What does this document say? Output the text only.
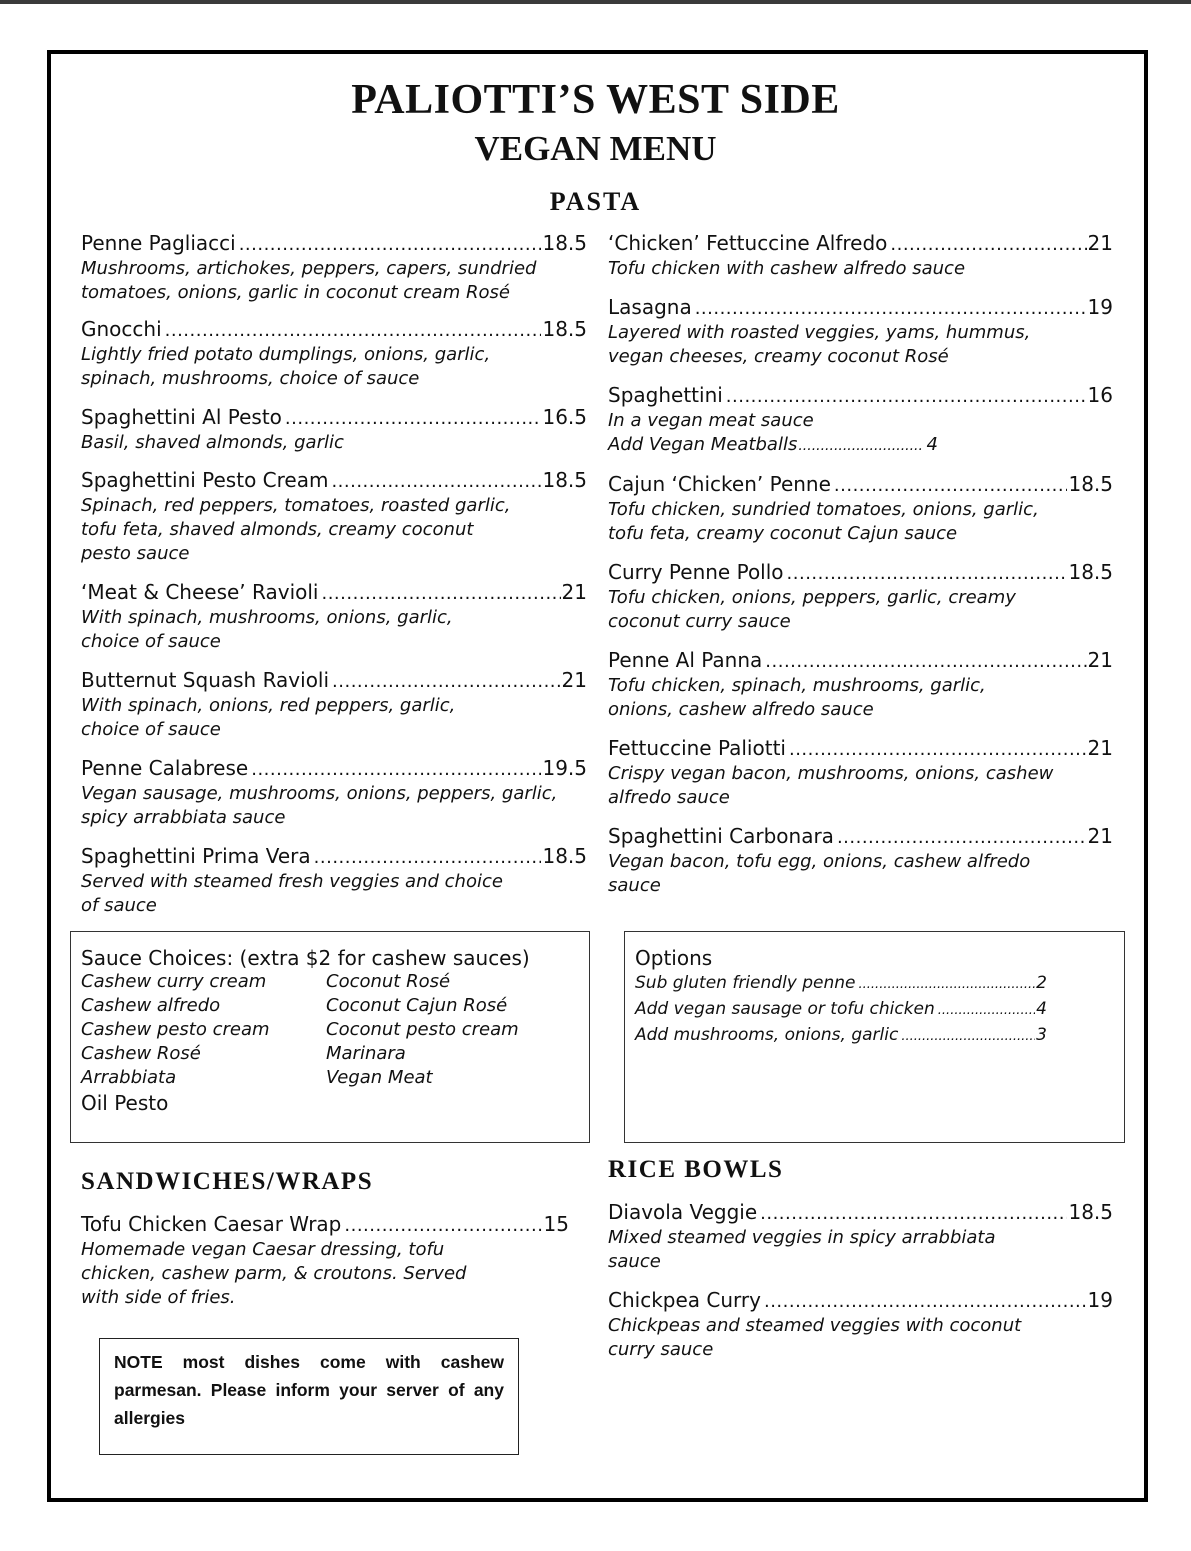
PALIOTTI’S WEST SIDE
VEGAN MENU
PASTA
Penne Pagliacci .....	18.5
Mushrooms, artichokes, peppers, capers, sundried
tomatoes, onions, garlic in coconut cream Rosé
Gnocchi .....	18.5
Lightly fried potato dumplings, onions, garlic,
spinach, mushrooms, choice of sauce
Spaghettini Al Pesto .....	16.5
Basil, shaved almonds, garlic
Spaghettini Pesto Cream .....	18.5
Spinach, red peppers, tomatoes, roasted garlic,
tofu feta, shaved almonds, creamy coconut
pesto sauce
‘Meat & Cheese’ Ravioli .....	21
With spinach, mushrooms, onions, garlic,
choice of sauce
Butternut Squash Ravioli .....	21
With spinach, onions, red peppers, garlic,
choice of sauce
Penne Calabrese .....	19.5
Vegan sausage, mushrooms, onions, peppers, garlic,
spicy arrabbiata sauce
Spaghettini Prima Vera .....	18.5
Served with steamed fresh veggies and choice
of sauce
‘Chicken’ Fettuccine Alfredo .....	21
Tofu chicken with cashew alfredo sauce
Lasagna .....	19
Layered with roasted veggies, yams, hummus,
vegan cheeses, creamy coconut Rosé
Spaghettini .....	16
In a vegan meat sauce
Add Vegan Meatballs .....	4
Cajun ‘Chicken’ Penne .....	18.5
Tofu chicken, sundried tomatoes, onions, garlic,
tofu feta, creamy coconut Cajun sauce
Curry Penne Pollo .....	18.5
Tofu chicken, onions, peppers, garlic, creamy
coconut curry sauce
Penne Al Panna .....	21
Tofu chicken, spinach, mushrooms, garlic,
onions, cashew alfredo sauce
Fettuccine Paliotti .....	21
Crispy vegan bacon, mushrooms, onions, cashew
alfredo sauce
Spaghettini Carbonara .....	21
Vegan bacon, tofu egg, onions, cashew alfredo
sauce
Sauce Choices: (extra $2 for cashew sauces)
Cashew curry cream	Coconut Rosé
Cashew alfredo	Coconut Cajun Rosé
Cashew pesto cream	Coconut pesto cream
Cashew Rosé	Marinara
Arrabbiata	Vegan Meat
Oil Pesto
Options
Sub gluten friendly penne .....	2
Add vegan sausage or tofu chicken .....	4
Add mushrooms, onions, garlic .....	3
SANDWICHES/WRAPS
Tofu Chicken Caesar Wrap .....	15
Homemade vegan Caesar dressing, tofu
chicken, cashew parm, & croutons. Served
with side of fries.
RICE BOWLS
Diavola Veggie .....	18.5
Mixed steamed veggies in spicy arrabbiata
sauce
Chickpea Curry .....	19
Chickpeas and steamed veggies with coconut
curry sauce
NOTE most dishes come with cashew parmesan. Please inform your server of any allergies
